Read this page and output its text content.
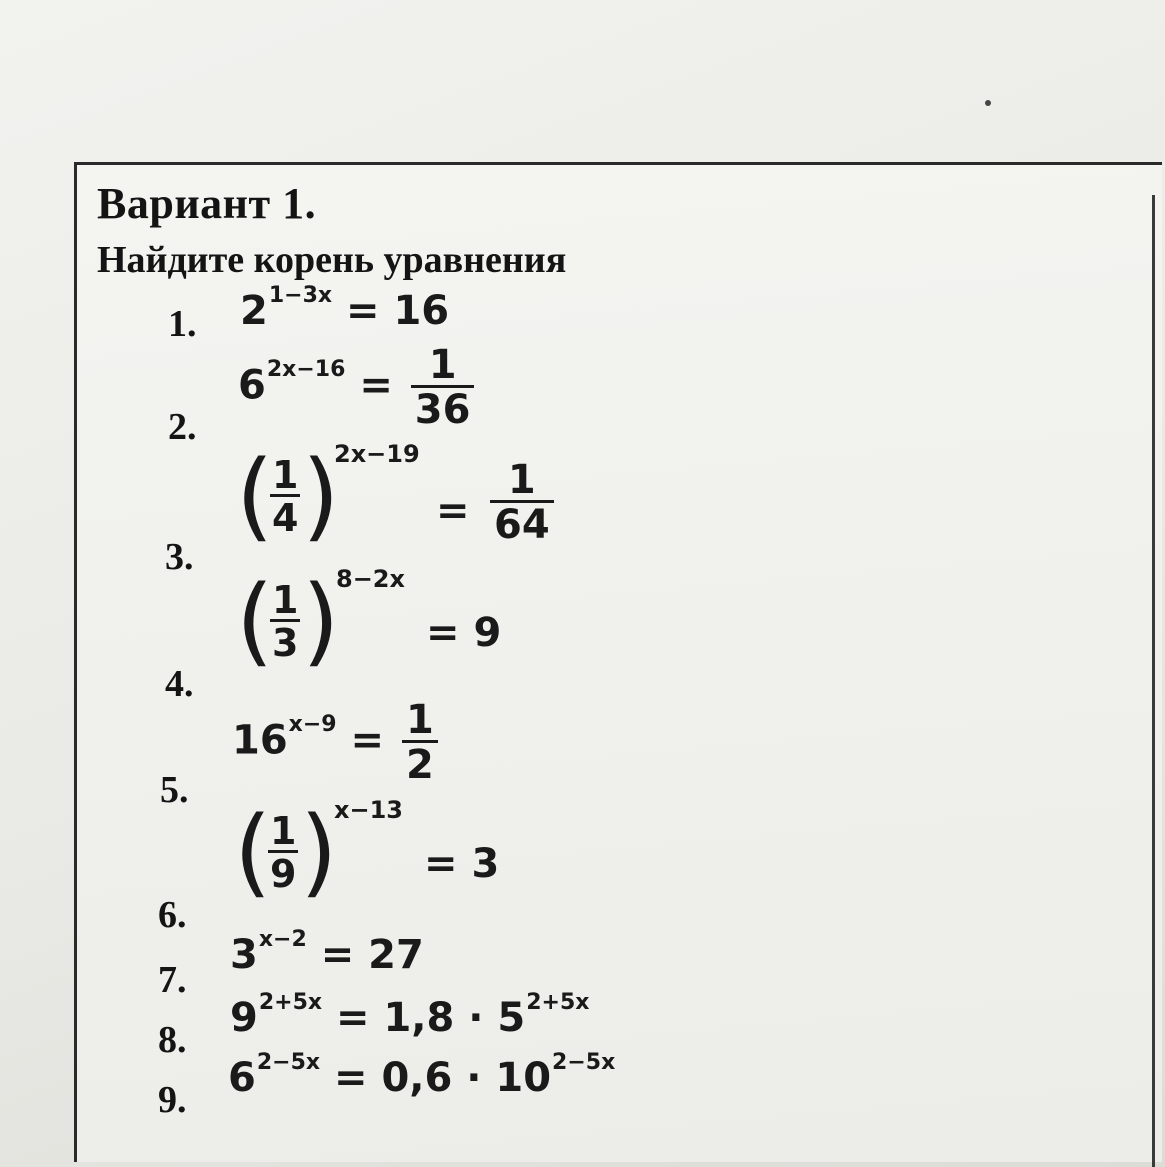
Вариант 1.
Найдите корень уравнения
1. $2^{1-3x} = 16$
2.
$6^{2x-16} = \frac{1}{36}$
3.
(
1
4 )
2x−19
= $\frac{1}{64}$
4.
(
1
3 )
8−2x
= 9
5.
$16^{x-9} = \frac{1}{2}$
6.
(
1
9 )
x−13
= 3
7.
$3^{x-2} = 27$
8. $9^{2+5x} = 1,8 \cdot 5^{2+5x}$
9. $6^{2-5x} = 0,6 \cdot 10^{2-5x}$
